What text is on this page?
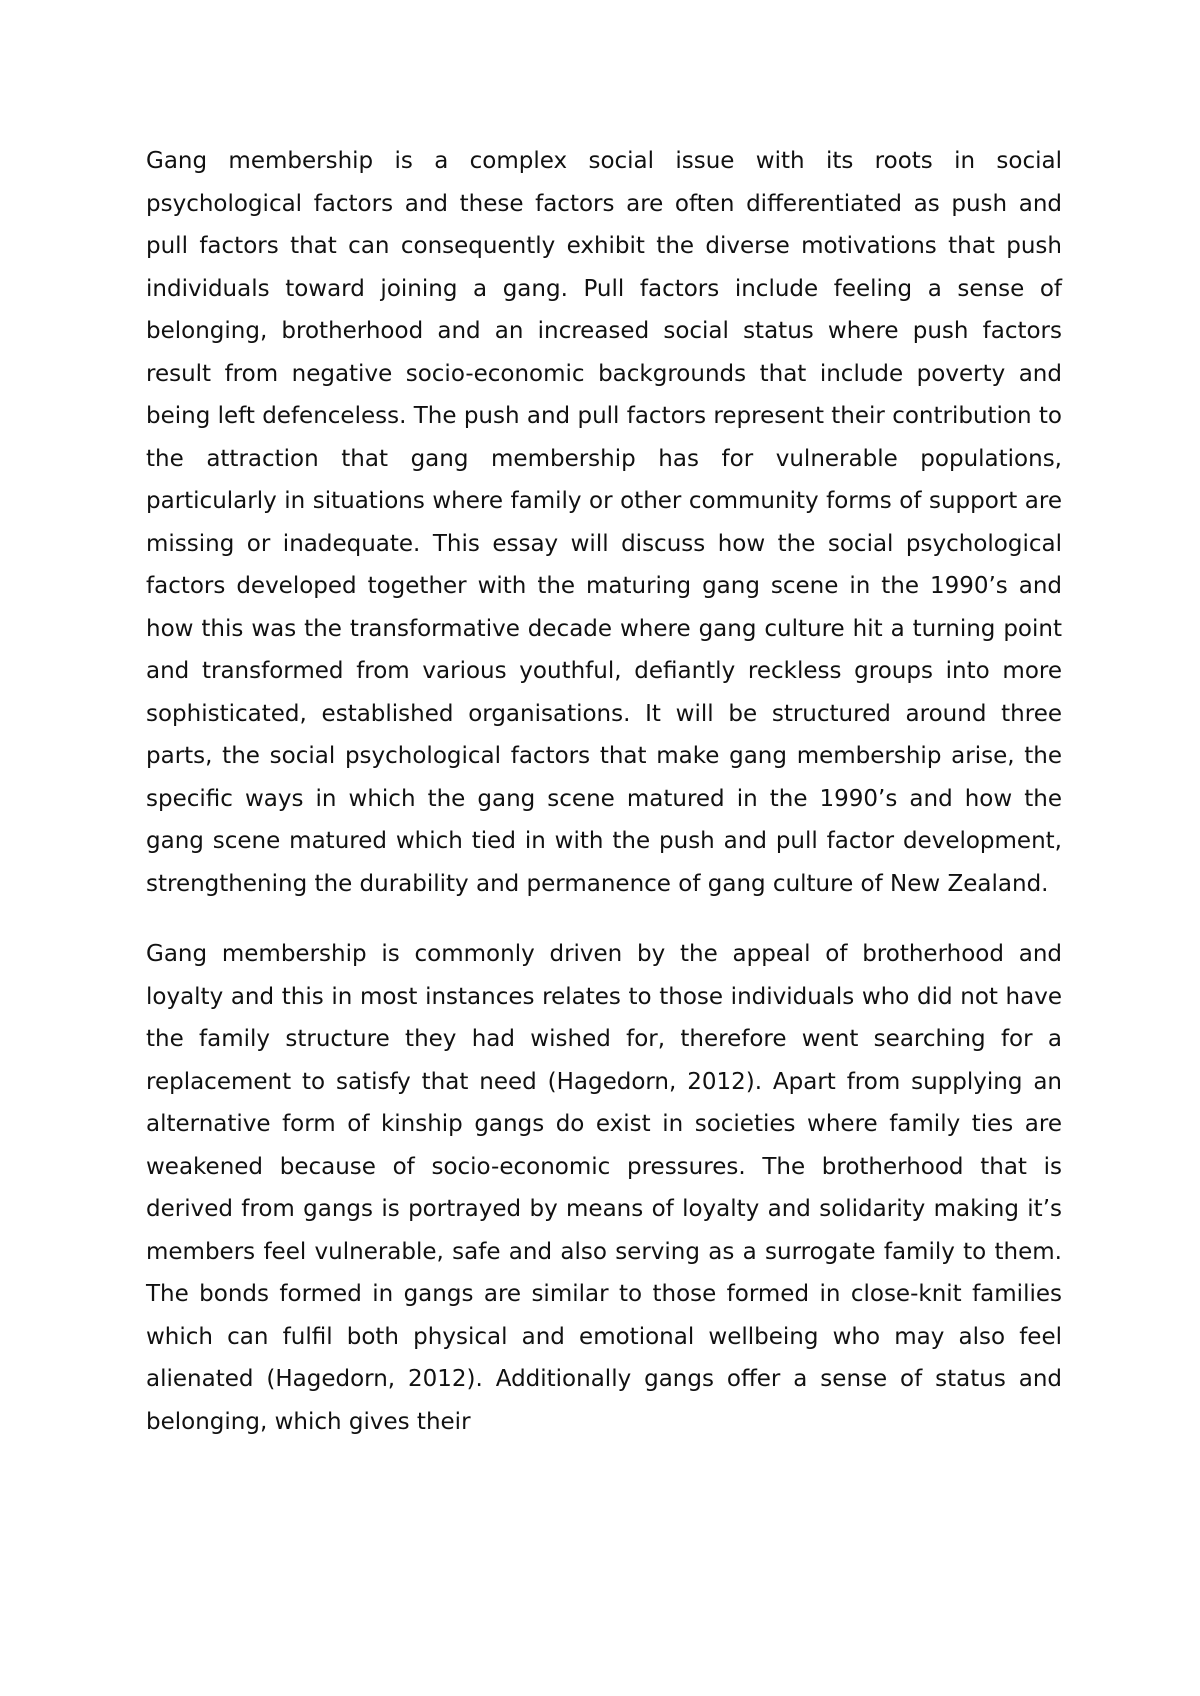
Gang membership is a complex social issue with its roots in social psychological factors and these factors are often differentiated as push and pull factors that can consequently exhibit the diverse motivations that push individuals toward joining a gang. Pull factors include feeling a sense of belonging, brotherhood and an increased social status where push factors result from negative socio-economic backgrounds that include poverty and being left defenceless. The push and pull factors represent their contribution to the attraction that gang membership has for vulnerable populations, particularly in situations where family or other community forms of support are missing or inadequate. This essay will discuss how the social psychological factors developed together with the maturing gang scene in the 1990’s and how this was the transformative decade where gang culture hit a turning point and transformed from various youthful, defiantly reckless groups into more sophisticated, established organisations. It will be structured around three parts, the social psychological factors that make gang membership arise, the specific ways in which the gang scene matured in the 1990’s and how the gang scene matured which tied in with the push and pull factor development, strengthening the durability and permanence of gang culture of New Zealand.

Gang membership is commonly driven by the appeal of brotherhood and loyalty and this in most instances relates to those individuals who did not have the family structure they had wished for, therefore went searching for a replacement to satisfy that need (Hagedorn, 2012). Apart from supplying an alternative form of kinship gangs do exist in societies where family ties are weakened because of socio-economic pressures. The brotherhood that is derived from gangs is portrayed by means of loyalty and solidarity making it’s members feel vulnerable, safe and also serving as a surrogate family to them. The bonds formed in gangs are similar to those formed in close-knit families which can fulfil both physical and emotional wellbeing who may also feel alienated (Hagedorn, 2012). Additionally gangs offer a sense of status and belonging, which gives their
